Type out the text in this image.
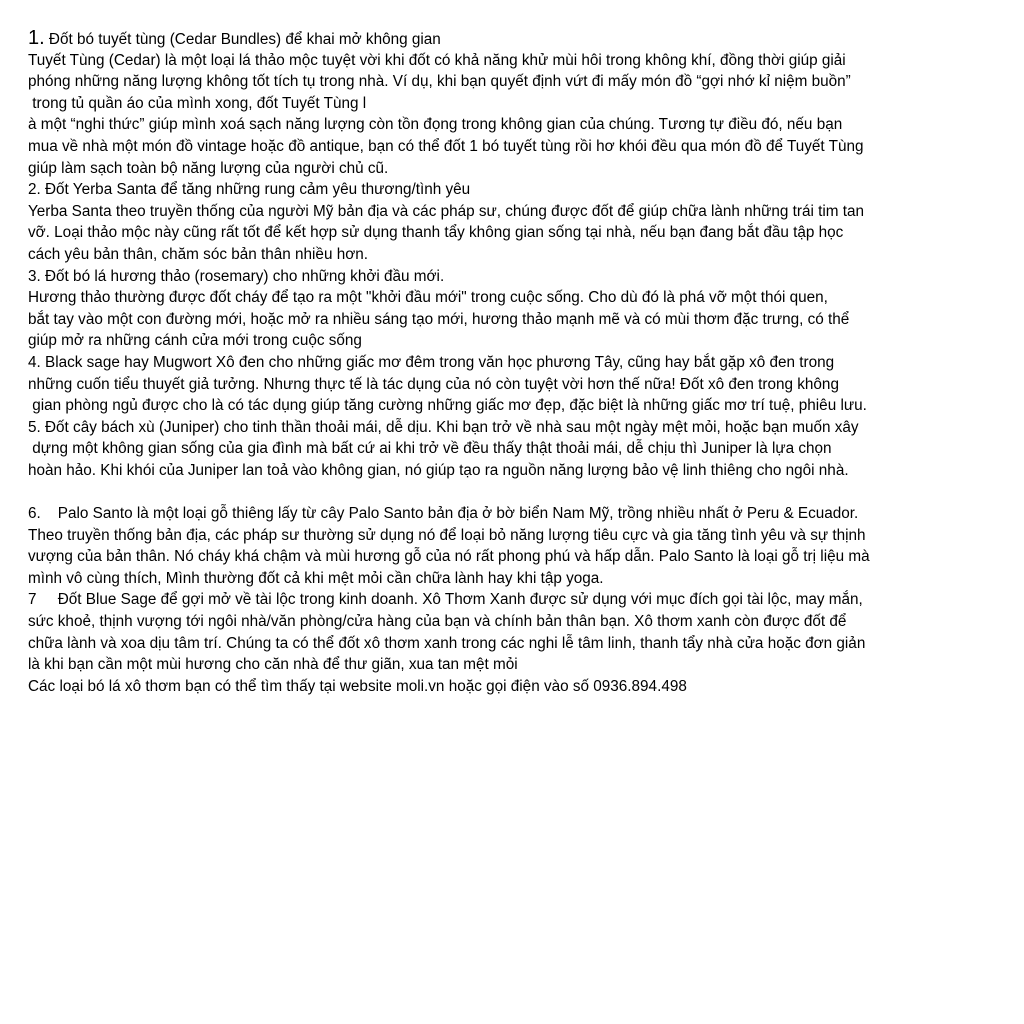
1. Đốt bó tuyết tùng (Cedar Bundles) để khai mở không gian
Tuyết Tùng (Cedar) là một loại lá thảo mộc tuyệt vời khi đốt có khả năng khử mùi hôi trong không khí, đồng thời giúp giải
phóng những năng lượng không tốt tích tụ trong nhà. Ví dụ, khi bạn quyết định vứt đi mấy món đồ “gợi nhớ kỉ niệm buồn”
trong tủ quần áo của mình xong, đốt Tuyết Tùng l
à một “nghi thức” giúp mình xoá sạch năng lượng còn tồn đọng trong không gian của chúng. Tương tự điều đó, nếu bạn
mua về nhà một món đồ vintage hoặc đồ antique, bạn có thể đốt 1 bó tuyết tùng rồi hơ khói đều qua món đồ để Tuyết Tùng
giúp làm sạch toàn bộ năng lượng của người chủ cũ.
2. Đốt Yerba Santa để tăng những rung cảm yêu thương/tình yêu
Yerba Santa theo truyền thống của người Mỹ bản địa và các pháp sư, chúng được đốt để giúp chữa lành những trái tim tan
vỡ. Loại thảo mộc này cũng rất tốt để kết hợp sử dụng thanh tẩy không gian sống tại nhà, nếu bạn đang bắt đầu tập học
cách yêu bản thân, chăm sóc bản thân nhiều hơn.
3. Đốt bó lá hương thảo (rosemary) cho những khởi đầu mới.
Hương thảo thường được đốt cháy để tạo ra một "khởi đầu mới" trong cuộc sống. Cho dù đó là phá vỡ một thói quen,
bắt tay vào một con đường mới, hoặc mở ra nhiều sáng tạo mới, hương thảo mạnh mẽ và có mùi thơm đặc trưng, có thể
giúp mở ra những cánh cửa mới trong cuộc sống
4. Black sage hay Mugwort Xô đen cho những giấc mơ đêm trong văn học phương Tây, cũng hay bắt gặp xô đen trong
những cuốn tiểu thuyết giả tưởng. Nhưng thực tế là tác dụng của nó còn tuyệt vời hơn thế nữa! Đốt xô đen trong không
gian phòng ngủ được cho là có tác dụng giúp tăng cường những giấc mơ đẹp, đặc biệt là những giấc mơ trí tuệ, phiêu lưu.
5. Đốt cây bách xù (Juniper) cho tinh thần thoải mái, dễ dịu. Khi bạn trở về nhà sau một ngày mệt mỏi, hoặc bạn muốn xây
dựng một không gian sống của gia đình mà bất cứ ai khi trở về đều thấy thật thoải mái, dễ chịu thì Juniper là lựa chọn
hoàn hảo. Khi khói của Juniper lan toả vào không gian, nó giúp tạo ra nguồn năng lượng bảo vệ linh thiêng cho ngôi nhà.
6.    Palo Santo là một loại gỗ thiêng lấy từ cây Palo Santo bản địa ở bờ biển Nam Mỹ, trồng nhiều nhất ở Peru & Ecuador.
Theo truyền thống bản địa, các pháp sư thường sử dụng nó để loại bỏ năng lượng tiêu cực và gia tăng tình yêu và sự thịnh
vượng của bản thân. Nó cháy khá chậm và mùi hương gỗ của nó rất phong phú và hấp dẫn. Palo Santo là loại gỗ trị liệu mà
mình vô cùng thích, Mình thường đốt cả khi mệt mỏi cần chữa lành hay khi tập yoga.
7     Đốt Blue Sage để gợi mở về tài lộc trong kinh doanh. Xô Thơm Xanh được sử dụng với mục đích gọi tài lộc, may mắn,
sức khoẻ, thịnh vượng tới ngôi nhà/văn phòng/cửa hàng của bạn và chính bản thân bạn. Xô thơm xanh còn được đốt để
chữa lành và xoa dịu tâm trí. Chúng ta có thể đốt xô thơm xanh trong các nghi lễ tâm linh, thanh tẩy nhà cửa hoặc đơn giản
là khi bạn cần một mùi hương cho căn nhà để thư giãn, xua tan mệt mỏi
Các loại bó lá xô thơm bạn có thể tìm thấy tại website moli.vn hoặc gọi điện vào số 0936.894.498
